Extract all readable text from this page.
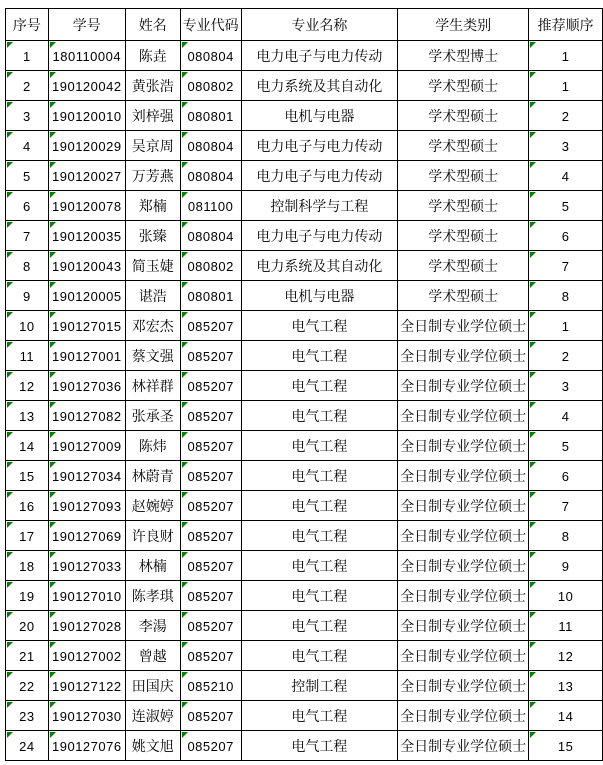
序号	学号	姓名	专业代码	专业名称	学生类别	推荐顺序

1	180110004	陈垚	080804	电力电子与电力传动	学术型博士	1

2	190120042	黄张浩	080802	电力系统及其自动化	学术型硕士	1

3	190120010	刘梓强	080801	电机与电器	学术型硕士	2

4	190120029	吴京周	080804	电力电子与电力传动	学术型硕士	3

5	190120027	万芳燕	080804	电力电子与电力传动	学术型硕士	4

6	190120078	郑楠	081100	控制科学与工程	学术型硕士	5

7	190120035	张臻	080804	电力电子与电力传动	学术型硕士	6

8	190120043	简玉婕	080802	电力系统及其自动化	学术型硕士	7

9	190120005	谌浩	080801	电机与电器	学术型硕士	8

10	190127015	邓宏杰	085207	电气工程	全日制专业学位硕士	1

11	190127001	蔡文强	085207	电气工程	全日制专业学位硕士	2

12	190127036	林祥群	085207	电气工程	全日制专业学位硕士	3

13	190127082	张承圣	085207	电气工程	全日制专业学位硕士	4

14	190127009	陈炜	085207	电气工程	全日制专业学位硕士	5

15	190127034	林蔚青	085207	电气工程	全日制专业学位硕士	6

16	190127093	赵婉婷	085207	电气工程	全日制专业学位硕士	7

17	190127069	许良财	085207	电气工程	全日制专业学位硕士	8

18	190127033	林楠	085207	电气工程	全日制专业学位硕士	9

19	190127010	陈孝琪	085207	电气工程	全日制专业学位硕士	10

20	190127028	李湯	085207	电气工程	全日制专业学位硕士	11

21	190127002	曾越	085207	电气工程	全日制专业学位硕士	12

22	190127122	田国庆	085210	控制工程	全日制专业学位硕士	13

23	190127030	连淑婷	085207	电气工程	全日制专业学位硕士	14

24	190127076	姚文旭	085207	电气工程	全日制专业学位硕士	15
